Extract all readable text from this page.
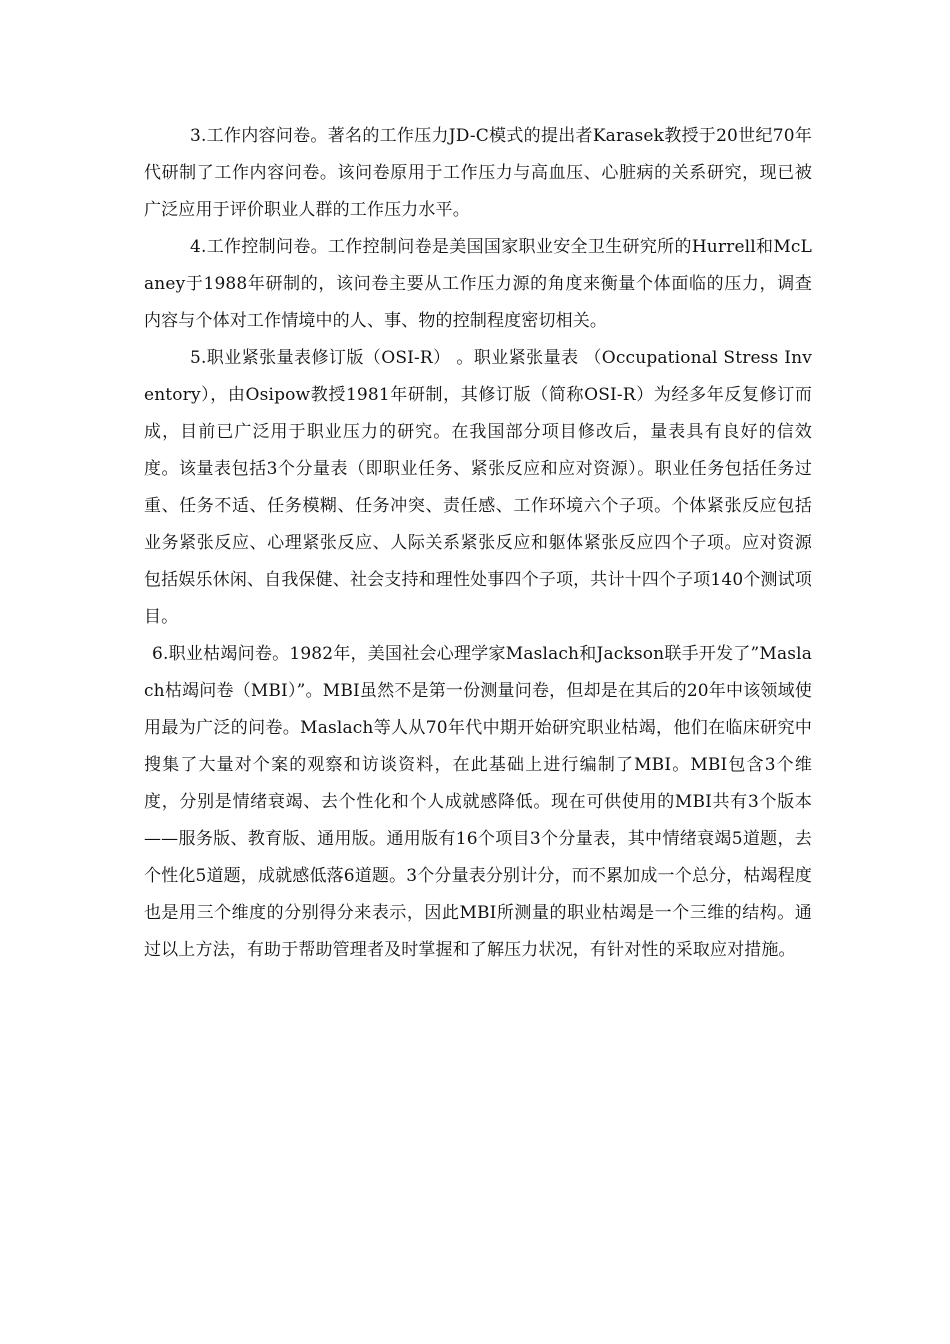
3.工作内容问卷。著名的工作压力JD-C模式的提出者Karasek教授于20世纪70年代研制了工作内容问卷。该问卷原用于工作压力与高血压、心脏病的关系研究，现已被广泛应用于评价职业人群的工作压力水平。

4.工作控制问卷。工作控制问卷是美国国家职业安全卫生研究所的Hurrell和McLaney于1988年研制的，该问卷主要从工作压力源的角度来衡量个体面临的压力，调查内容与个体对工作情境中的人、事、物的控制程度密切相关。

5.职业紧张量表修订版（OSI-R） 。职业紧张量表 （Occupational Stress Inventory），由Osipow教授1981年研制，其修订版（简称OSI-R）为经多年反复修订而成，目前已广泛用于职业压力的研究。在我国部分项目修改后，量表具有良好的信效度。该量表包括3个分量表（即职业任务、紧张反应和应对资源）。职业任务包括任务过重、任务不适、任务模糊、任务冲突、责任感、工作环境六个子项。个体紧张反应包括业务紧张反应、心理紧张反应、人际关系紧张反应和躯体紧张反应四个子项。应对资源包括娱乐休闲、自我保健、社会支持和理性处事四个子项，共计十四个子项140个测试项目。

6.职业枯竭问卷。1982年，美国社会心理学家Maslach和Jackson联手开发了”Maslach枯竭问卷（MBI）”。MBI虽然不是第一份测量问卷，但却是在其后的20年中该领域使用最为广泛的问卷。Maslach等人从70年代中期开始研究职业枯竭，他们在临床研究中搜集了大量对个案的观察和访谈资料，在此基础上进行编制了MBI。MBI包含3个维度，分别是情绪衰竭、去个性化和个人成就感降低。现在可供使用的MBI共有3个版本——服务版、教育版、通用版。通用版有16个项目3个分量表，其中情绪衰竭5道题，去个性化5道题，成就感低落6道题。3个分量表分别计分，而不累加成一个总分，枯竭程度也是用三个维度的分别得分来表示，因此MBI所测量的职业枯竭是一个三维的结构。通过以上方法，有助于帮助管理者及时掌握和了解压力状况，有针对性的采取应对措施。
